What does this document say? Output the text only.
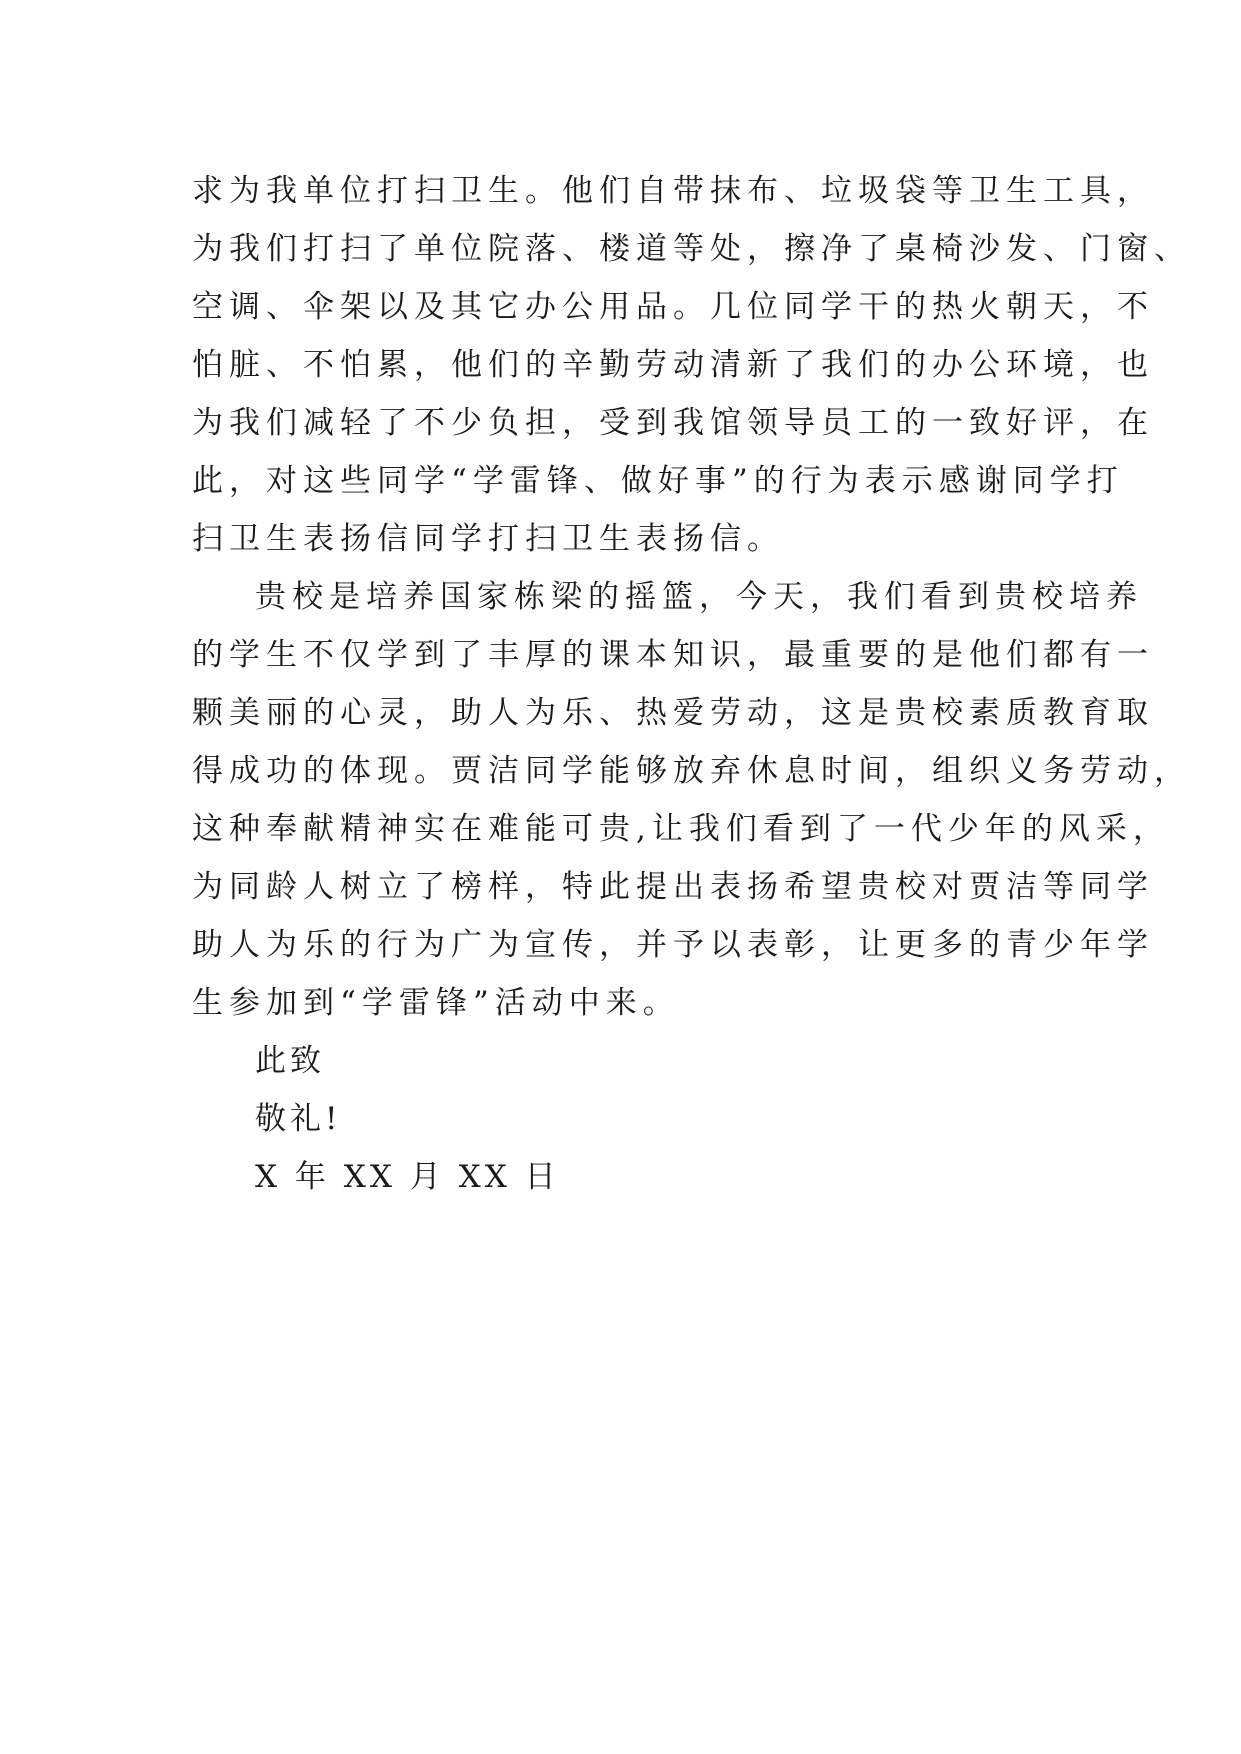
求为我单位打扫卫生。他们自带抹布、垃圾袋等卫生工具，
为我们打扫了单位院落、楼道等处，擦净了桌椅沙发、门窗、
空调、伞架以及其它办公用品。几位同学干的热火朝天，不
怕脏、不怕累，他们的辛勤劳动清新了我们的办公环境，也
为我们减轻了不少负担，受到我馆领导员工的一致好评，在
此，对这些同学“学雷锋、做好事”的行为表示感谢同学打
扫卫生表扬信同学打扫卫生表扬信。
贵校是培养国家栋梁的摇篮，今天，我们看到贵校培养
的学生不仅学到了丰厚的课本知识，最重要的是他们都有一
颗美丽的心灵，助人为乐、热爱劳动，这是贵校素质教育取
得成功的体现。贾洁同学能够放弃休息时间，组织义务劳动，
这种奉献精神实在难能可贵,让我们看到了一代少年的风采，
为同龄人树立了榜样，特此提出表扬希望贵校对贾洁等同学
助人为乐的行为广为宣传，并予以表彰，让更多的青少年学
生参加到“学雷锋”活动中来。
此致
敬礼!
X 年 XX 月 XX 日
